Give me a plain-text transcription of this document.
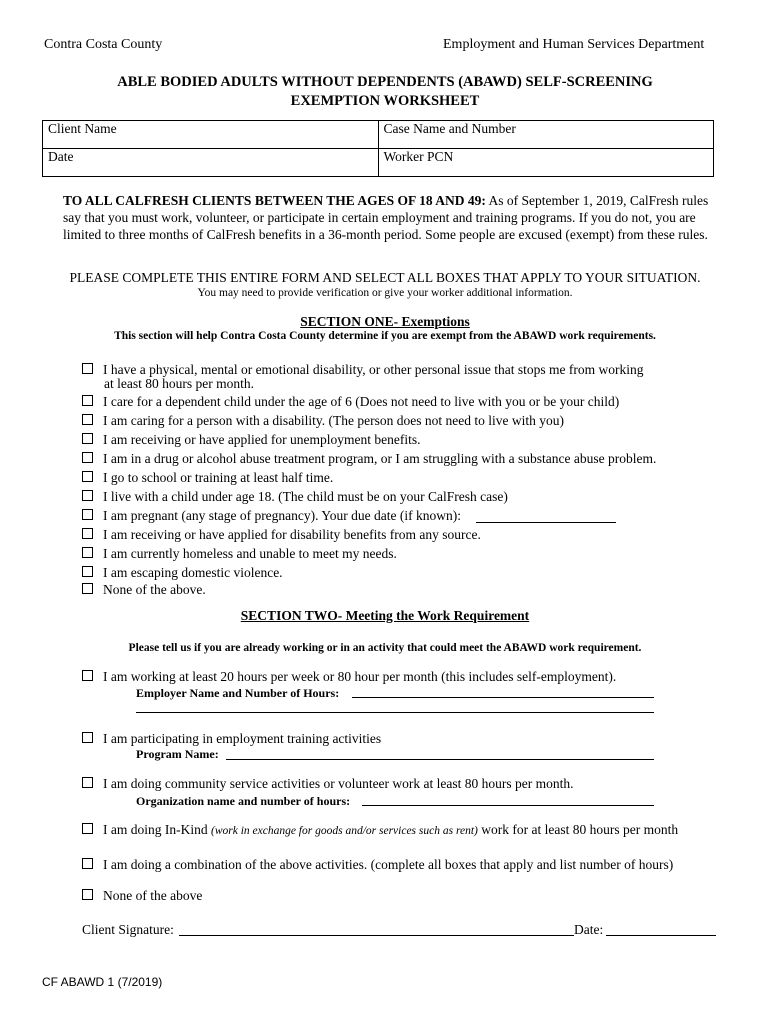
Contra Costa County	Employment and Human Services Department
ABLE BODIED ADULTS WITHOUT DEPENDENTS (ABAWD) SELF-SCREENING
EXEMPTION WORKSHEET
Client Name	Case Name and Number
Date	Worker PCN
TO ALL CALFRESH CLIENTS BETWEEN THE AGES OF 18 AND 49: As of September 1, 2019, CalFresh rules say that you must work, volunteer, or participate in certain employment and training programs. If you do not, you are limited to three months of CalFresh benefits in a 36-month period. Some people are excused (exempt) from these rules.
PLEASE COMPLETE THIS ENTIRE FORM AND SELECT ALL BOXES THAT APPLY TO YOUR SITUATION.
You may need to provide verification or give your worker additional information.
SECTION ONE- Exemptions
This section will help Contra Costa County determine if you are exempt from the ABAWD work requirements.
I have a physical, mental or emotional disability, or other personal issue that stops me from working
at least 80 hours per month.
I care for a dependent child under the age of 6 (Does not need to live with you or be your child)
I am caring for a person with a disability. (The person does not need to live with you)
I am receiving or have applied for unemployment benefits.
I am in a drug or alcohol abuse treatment program, or I am struggling with a substance abuse problem.
I go to school or training at least half time.
I live with a child under age 18. (The child must be on your CalFresh case)
I am pregnant (any stage of pregnancy). Your due date (if known):
I am receiving or have applied for disability benefits from any source.
I am currently homeless and unable to meet my needs.
I am escaping domestic violence.
None of the above.
SECTION TWO- Meeting the Work Requirement
Please tell us if you are already working or in an activity that could meet the ABAWD work requirement.
I am working at least 20 hours per week or 80 hour per month (this includes self-employment).
Employer Name and Number of Hours:
I am participating in employment training activities
Program Name:
I am doing community service activities or volunteer work at least 80 hours per month.
Organization name and number of hours:
I am doing In-Kind (work in exchange for goods and/or services such as rent) work for at least 80 hours per month
I am doing a combination of the above activities. (complete all boxes that apply and list number of hours)
None of the above
Client Signature:	Date:
CF ABAWD 1 (7/2019)
